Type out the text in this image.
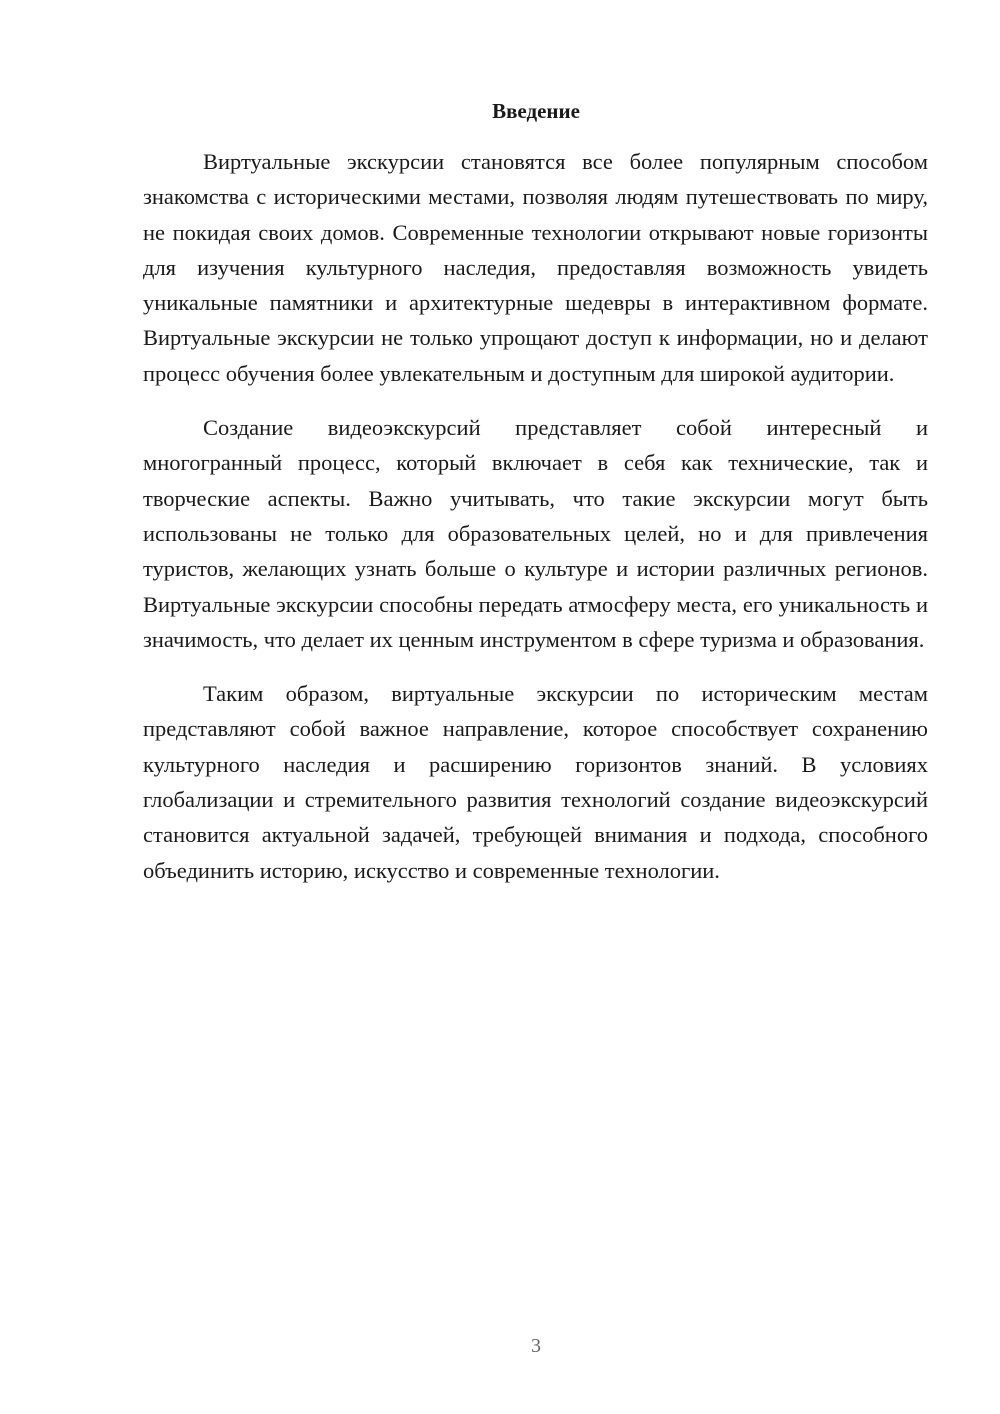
Введение

Виртуальные экскурсии становятся все более популярным способом знакомства с историческими местами, позволяя людям путешествовать по миру, не покидая своих домов. Современные технологии открывают новые горизонты для изучения культурного наследия, предоставляя возможность увидеть уникальные памятники и архитектурные шедевры в интерактивном формате. Виртуальные экскурсии не только упрощают доступ к информации, но и делают процесс обучения более увлекательным и доступным для широкой аудитории.

Создание видеоэкскурсий представляет собой интересный и многогранный процесс, который включает в себя как технические, так и творческие аспекты. Важно учитывать, что такие экскурсии могут быть использованы не только для образовательных целей, но и для привлечения туристов, желающих узнать больше о культуре и истории различных регионов. Виртуальные экскурсии способны передать атмосферу места, его уникальность и значимость, что делает их ценным инструментом в сфере туризма и образования.

Таким образом, виртуальные экскурсии по историческим местам представляют собой важное направление, которое способствует сохранению культурного наследия и расширению горизонтов знаний. В условиях глобализации и стремительного развития технологий создание видеоэкскурсий становится актуальной задачей, требующей внимания и подхода, способного объединить историю, искусство и современные технологии.

3
